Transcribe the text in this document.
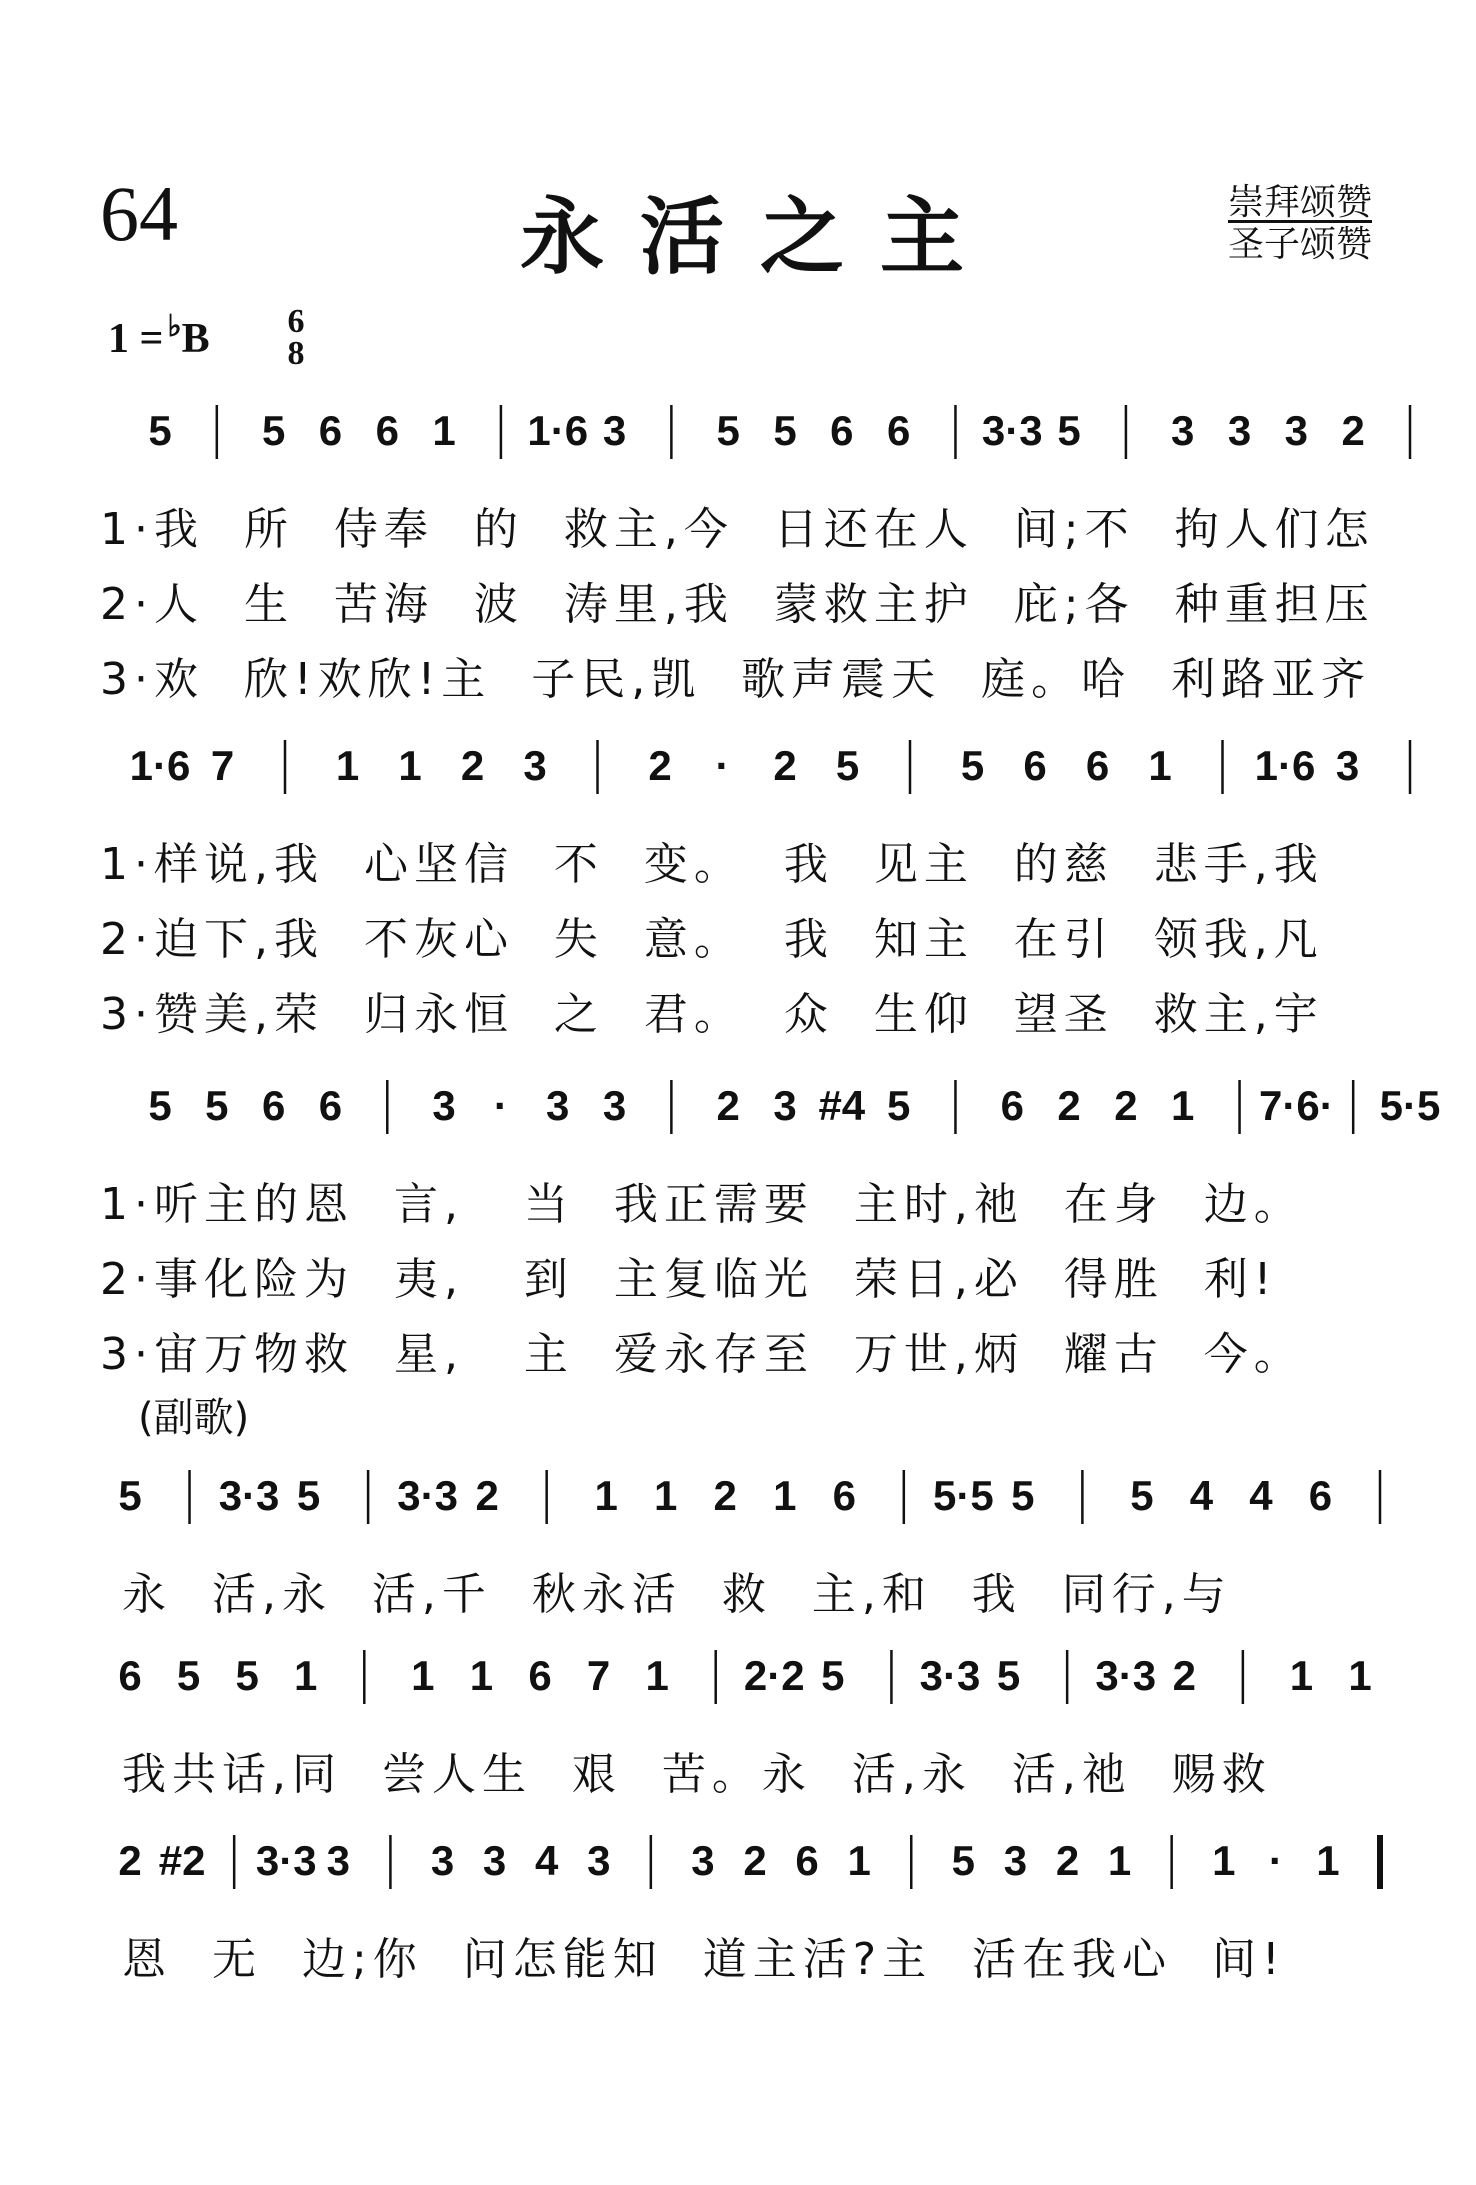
64	永活之主	崇拜颂赞
圣子颂赞
1 = ♭B 6
8
5 5 6 6 1 1·6 3 5 5 6 6 3·3 5 3 3 3 2
1·6 7 1 1 2 3 2 · 2 5 5 6 6 1 1·6 3
5 5 6 6 3 · 3 3 2 3 #4 5 6 2 2 1 7·6· 5·5
5 3·3 5 3·3 2 1 1 2 1 6 5·5 5 5 4 4 6
6 5 5 1 1 1 6 7 1 2·2 5 3·3 5 3·3 2 1 1
2 #2 3·3 3 3 3 4 3 3 2 6 1 5 3 2 1 1 · 1
1·我  所  侍奉  的  救主,今  日还在人  间;不  拘人们怎
2·人  生  苦海  波  涛里,我  蒙救主护  庇;各  种重担压
3·欢  欣!欢欣!主  子民,凯  歌声震天  庭。哈  利路亚齐
1·样说,我  心坚信  不  变。  我  见主  的慈  悲手,我
2·迫下,我  不灰心  失  意。  我  知主  在引  领我,凡
3·赞美,荣  归永恒  之  君。  众  生仰  望圣  救主,宇
1·听主的恩  言,   当  我正需要  主时,祂  在身  边。
2·事化险为  夷,   到  主复临光  荣日,必  得胜  利!
3·宙万物救  星,   主  爱永存至  万世,炳  耀古  今。
(副歌)
永  活,永  活,千  秋永活  救  主,和  我  同行,与
我共话,同  尝人生  艰  苦。永  活,永  活,祂  赐救
恩  无  边;你  问怎能知  道主活?主  活在我心  间!
